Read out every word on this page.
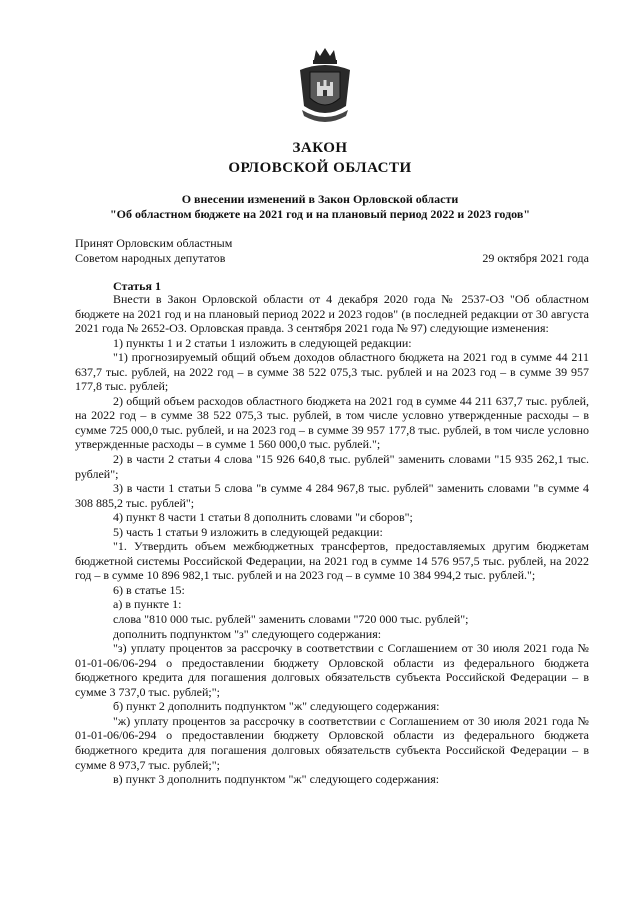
ЗАКОН
ОРЛОВСКОЙ ОБЛАСТИ
О внесении изменений в Закон Орловской области
"Об областном бюджете на 2021 год и на плановый период 2022 и 2023 годов"
Принят Орловским областным
Советом народных депутатов	29 октября 2021 года
Статья 1

Внести в Закон Орловской области от 4 декабря 2020 года № 2537-ОЗ "Об областном бюджете на 2021 год и на плановый период 2022 и 2023 годов" (в последней редакции от 30 августа 2021 года № 2652-ОЗ. Орловская правда. 3 сентября 2021 года № 97) следующие изменения:

1) пункты 1 и 2 статьи 1 изложить в следующей редакции:

"1) прогнозируемый общий объем доходов областного бюджета на 2021 год в сумме 44 211 637,7 тыс. рублей, на 2022 год – в сумме 38 522 075,3 тыс. рублей и на 2023 год – в сумме 39 957 177,8 тыс. рублей;

2) общий объем расходов областного бюджета на 2021 год в сумме 44 211 637,7 тыс. рублей, на 2022 год – в сумме 38 522 075,3 тыс. рублей, в том числе условно утвержденные расходы – в сумме 725 000,0 тыс. рублей, и на 2023 год – в сумме 39 957 177,8 тыс. рублей, в том числе условно утвержденные расходы – в сумме 1 560 000,0 тыс. рублей.";

2) в части 2 статьи 4 слова "15 926 640,8 тыс. рублей" заменить словами "15 935 262,1 тыс. рублей";

3) в части 1 статьи 5 слова "в сумме 4 284 967,8 тыс. рублей" заменить словами "в сумме 4 308 885,2 тыс. рублей";

4) пункт 8 части 1 статьи 8 дополнить словами "и сборов";

5) часть 1 статьи 9 изложить в следующей редакции:

"1. Утвердить объем межбюджетных трансфертов, предоставляемых другим бюджетам бюджетной системы Российской Федерации, на 2021 год в сумме 14 576 957,5 тыс. рублей, на 2022 год – в сумме 10 896 982,1 тыс. рублей и на 2023 год – в сумме 10 384 994,2 тыс. рублей.";

6) в статье 15:

а) в пункте 1:

слова "810 000 тыс. рублей" заменить словами "720 000 тыс. рублей";

дополнить подпунктом "з" следующего содержания:

"з) уплату процентов за рассрочку в соответствии с Соглашением от 30 июля 2021 года № 01-01-06/06-294 о предоставлении бюджету Орловской области из федерального бюджета бюджетного кредита для погашения долговых обязательств субъекта Российской Федерации – в сумме 3 737,0 тыс. рублей;";

б) пункт 2 дополнить подпунктом "ж" следующего содержания:

"ж) уплату процентов за рассрочку в соответствии с Соглашением от 30 июля 2021 года № 01-01-06/06-294 о предоставлении бюджету Орловской области из федерального бюджета бюджетного кредита для погашения долговых обязательств субъекта Российской Федерации – в сумме 8 973,7 тыс. рублей;";

в) пункт 3 дополнить подпунктом "ж" следующего содержания:
